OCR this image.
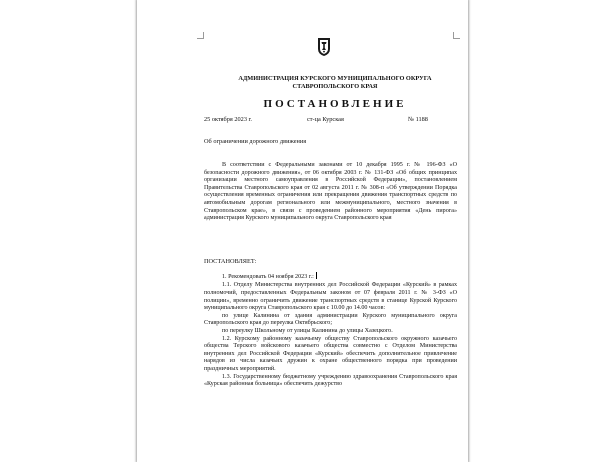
АДМИНИСТРАЦИЯ КУРСКОГО МУНИЦИПАЛЬНОГО ОКРУГА
СТАВРОПОЛЬСКОГО КРАЯ
ПОСТАНОВЛЕНИЕ
25 октября 2023 г.	ст-ца Курская	№ 1188
Об ограничении дорожного движения
В соответствии с Федеральными законами от 10 декабря 1995 г. № 196-ФЗ «О безопасности дорожного движения», от 06 октября 2003 г. № 131-ФЗ «Об общих принципах организации местного самоуправления в Российской Федерации», постановлением Правительства Ставропольского края от 02 августа 2011 г. № 308-п «Об утверждении Порядка осуществления временных ограничения или прекращения движения транспортных средств по автомобильным дорогам регионального или межмуниципального, местного значения в Ставропольском крае», в связи с проведением районного мероприятия «День пирога» администрация Курского муниципального округа Ставропольского края
ПОСТАНОВЛЯЕТ:

1. Рекомендовать 04 ноября 2023 г.:

1.1. Отделу Министерства внутренних дел Российской Федерации «Курский» в рамках полномочий, предоставленных Федеральным законом от 07 февраля 2011 г. № 3-ФЗ «О полиции», временно ограничить движение транспортных средств в станице Курской Курского муниципального округа Ставропольского края с 10.00 до 14.00 часов:

по улице Калинина от здания администрации Курского муниципального округа Ставропольского края до переулка Октябрьского;

по переулку Школьному от улицы Калинина до улицы Хазецкого.

1.2. Курскому районному казачьему обществу Ставропольского окружного казачьего общества Терского войскового казачьего общества совместно с Отделом Министерства внутренних дел Российской Федерации «Курский» обеспечить дополнительное привлечение нарядов из числа казачьих дружин к охране общественного порядка при проведении праздничных мероприятий.

1.3. Государственному бюджетному учреждению здравоохранения Ставропольского края «Курская районная больница» обеспечить дежурство
